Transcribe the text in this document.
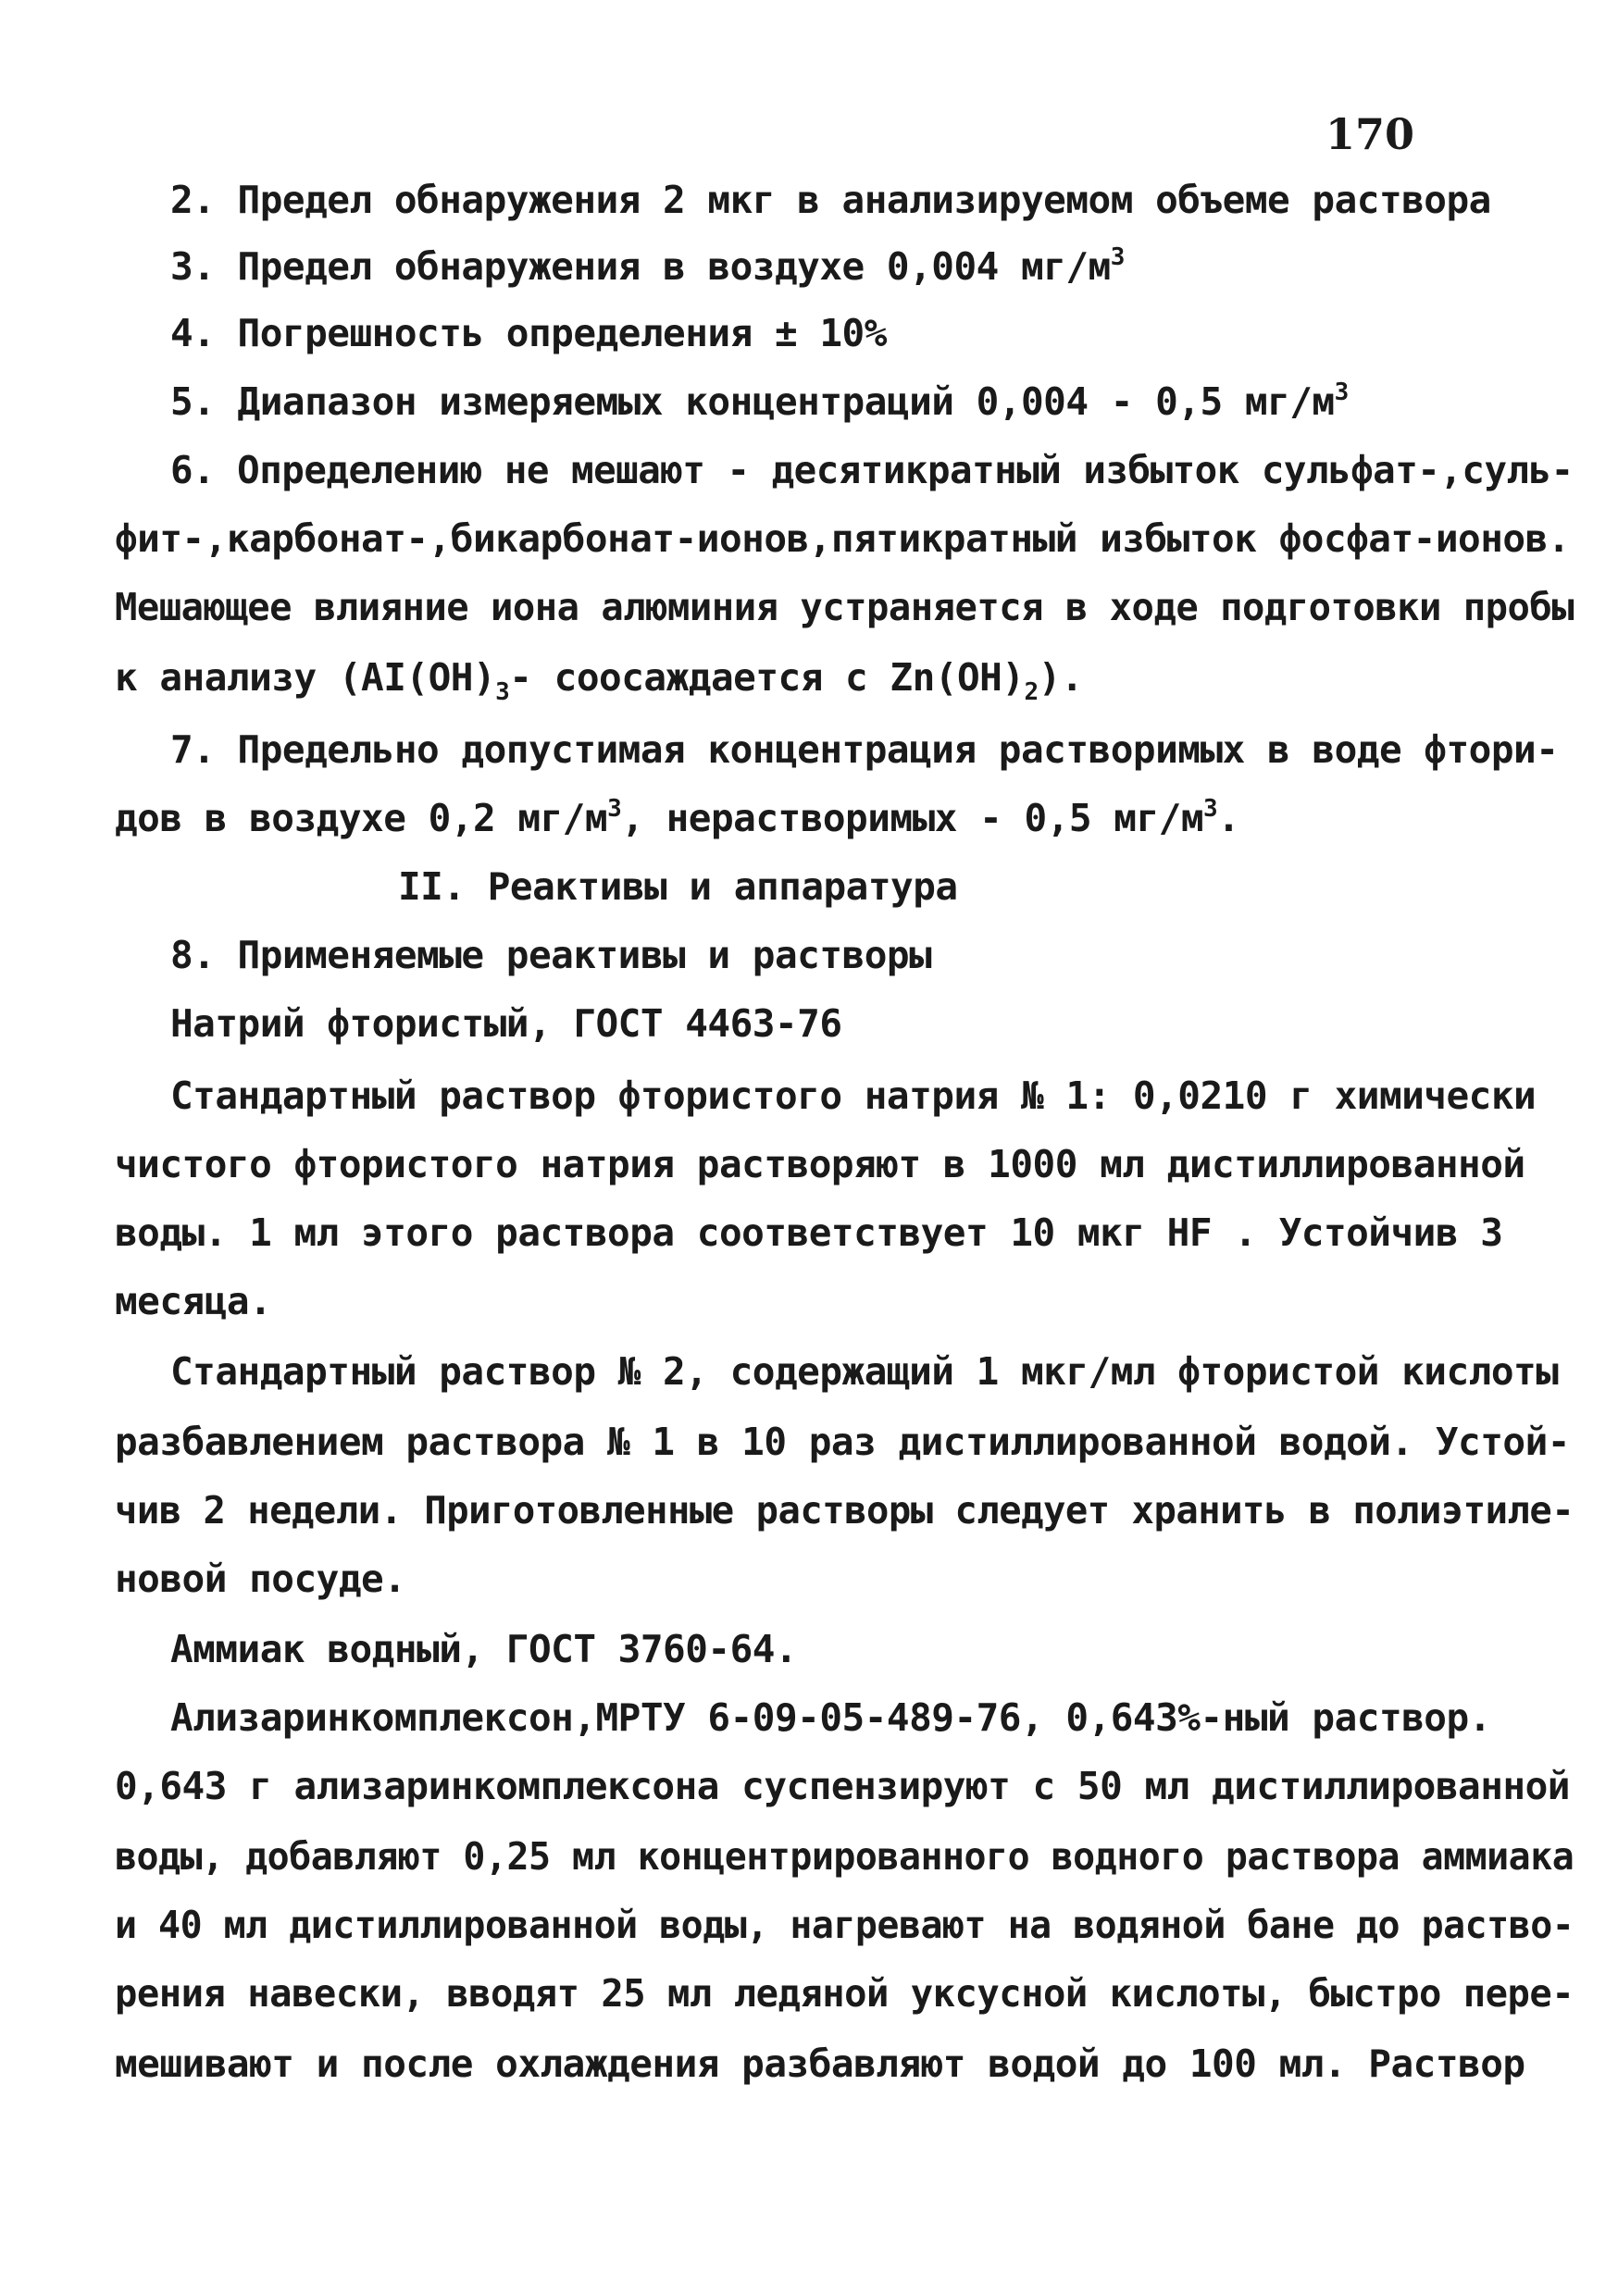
170
2. Предел обнаружения 2 мкг в анализируемом объеме раствора
3. Предел обнаружения в воздухе 0,004 $мг/м^3$
4. Погрешность определения ± 10%
5. Диапазон измеряемых концентраций 0,004 - 0,5 $мг/м^3$
6. Определению не мешают - десятикратный избыток сульфат-,суль-
фит-,карбонат-,бикарбонат-ионов,пятикратный избыток фосфат-ионов.
Мешающее влияние иона алюминия устраняется в ходе подготовки пробы
к анализу ($AI(OH)_3-$ соосаждается с $Zn(OH)_2$).
7. Предельно допустимая концентрация растворимых в воде фтори-
дов в воздухе 0,2 $мг/м^3$, нерастворимых - 0,5 $мг/м^3$.
II. Реактивы и аппаратура
8. Применяемые реактивы и растворы
Натрий фтористый, ГОСТ 4463-76
Стандартный раствор фтористого натрия № 1: 0,0210 г химически
чистого фтористого натрия растворяют в 1000 мл дистиллированной
воды. 1 мл этого раствора соответствует 10 мкг HF . Устойчив 3
месяца.
Стандартный раствор № 2, содержащий 1 мкг/мл фтористой кислоты
разбавлением раствора № 1 в 10 раз дистиллированной водой. Устой-
чив 2 недели. Приготовленные растворы следует хранить в полиэтиле-
новой посуде.
Аммиак водный, ГОСТ 3760-64.
Ализаринкомплексон,МРТУ 6-09-05-489-76, 0,643%-ный раствор.
0,643 г ализаринкомплексона суспензируют с 50 мл дистиллированной
воды, добавляют 0,25 мл концентрированного водного раствора аммиака
и 40 мл дистиллированной воды, нагревают на водяной бане до раство-
рения навески, вводят 25 мл ледяной уксусной кислоты, быстро пере-
мешивают и после охлаждения разбавляют водой до 100 мл. Раствор
